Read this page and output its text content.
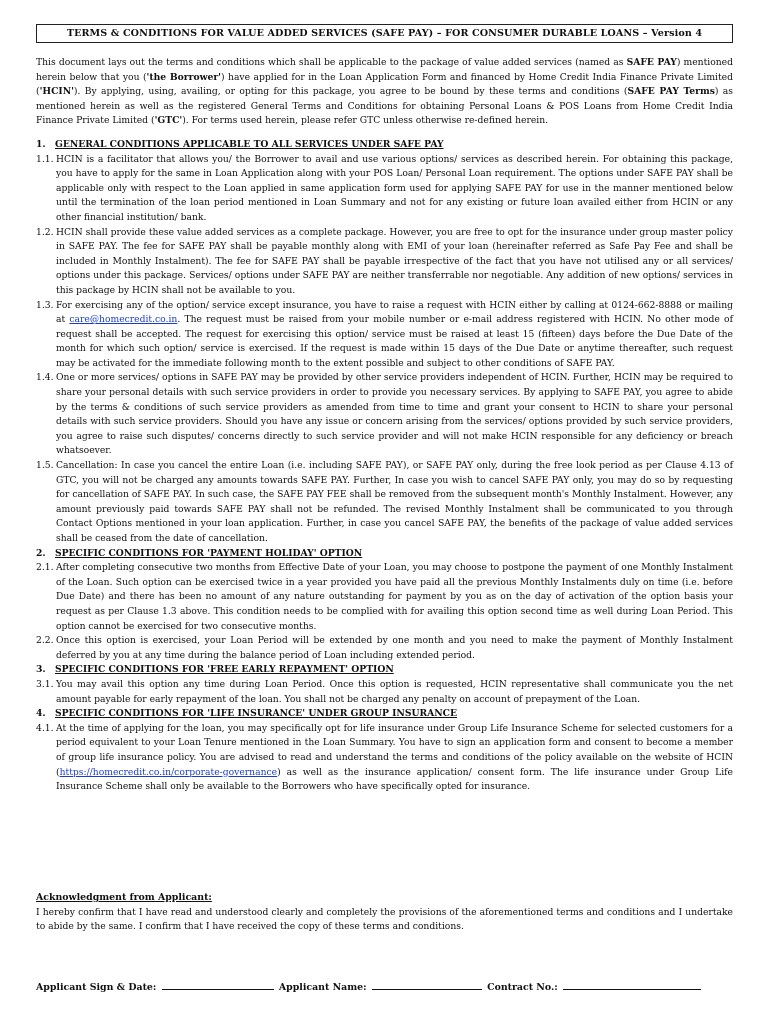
TERMS & CONDITIONS FOR VALUE ADDED SERVICES (SAFE PAY) – FOR CONSUMER DURABLE LOANS – Version 4

This document lays out the terms and conditions which shall be applicable to the package of value added services (named as SAFE PAY) mentioned herein below that you ('the Borrower') have applied for in the Loan Application Form and financed by Home Credit India Finance Private Limited ('HCIN'). By applying, using, availing, or opting for this package, you agree to be bound by these terms and conditions (SAFE PAY Terms) as mentioned herein as well as the registered General Terms and Conditions for obtaining Personal Loans & POS Loans from Home Credit India Finance Private Limited ('GTC'). For terms used herein, please refer GTC unless otherwise re-defined herein.

1.	GENERAL CONDITIONS APPLICABLE TO ALL SERVICES UNDER SAFE PAY
1.1. HCIN is a facilitator that allows you/ the Borrower to avail and use various options/ services as described herein. For obtaining this package, you have to apply for the same in Loan Application along with your POS Loan/ Personal Loan requirement. The options under SAFE PAY shall be applicable only with respect to the Loan applied in same application form used for applying SAFE PAY for use in the manner mentioned below until the termination of the loan period mentioned in Loan Summary and not for any existing or future loan availed either from HCIN or any other financial institution/ bank.
1.2. HCIN shall provide these value added services as a complete package. However, you are free to opt for the insurance under group master policy in SAFE PAY. The fee for SAFE PAY shall be payable monthly along with EMI of your loan (hereinafter referred as Safe Pay Fee and shall be included in Monthly Instalment). The fee for SAFE PAY shall be payable irrespective of the fact that you have not utilised any or all services/ options under this package. Services/ options under SAFE PAY are neither transferrable nor negotiable. Any addition of new options/ services in this package by HCIN shall not be available to you.
1.3. For exercising any of the option/ service except insurance, you have to raise a request with HCIN either by calling at 0124-662-8888 or mailing at care@homecredit.co.in. The request must be raised from your mobile number or e-mail address registered with HCIN. No other mode of request shall be accepted. The request for exercising this option/ service must be raised at least 15 (fifteen) days before the Due Date of the month for which such option/ service is exercised. If the request is made within 15 days of the Due Date or anytime thereafter, such request may be activated for the immediate following month to the extent possible and subject to other conditions of SAFE PAY.
1.4. One or more services/ options in SAFE PAY may be provided by other service providers independent of HCIN. Further, HCIN may be required to share your personal details with such service providers in order to provide you necessary services. By applying to SAFE PAY, you agree to abide by the terms & conditions of such service providers as amended from time to time and grant your consent to HCIN to share your personal details with such service providers. Should you have any issue or concern arising from the services/ options provided by such service providers, you agree to raise such disputes/ concerns directly to such service provider and will not make HCIN responsible for any deficiency or breach whatsoever.
1.5. Cancellation: In case you cancel the entire Loan (i.e. including SAFE PAY), or SAFE PAY only, during the free look period as per Clause 4.13 of GTC, you will not be charged any amounts towards SAFE PAY. Further, In case you wish to cancel SAFE PAY only, you may do so by requesting for cancellation of SAFE PAY. In such case, the SAFE PAY FEE shall be removed from the subsequent month's Monthly Instalment. However, any amount previously paid towards SAFE PAY shall not be refunded. The revised Monthly Instalment shall be communicated to you through Contact Options mentioned in your loan application. Further, in case you cancel SAFE PAY, the benefits of the package of value added services shall be ceased from the date of cancellation.
2.	SPECIFIC CONDITIONS FOR 'PAYMENT HOLIDAY' OPTION
2.1. After completing consecutive two months from Effective Date of your Loan, you may choose to postpone the payment of one Monthly Instalment of the Loan. Such option can be exercised twice in a year provided you have paid all the previous Monthly Instalments duly on time (i.e. before Due Date) and there has been no amount of any nature outstanding for payment by you as on the day of activation of the option basis your request as per Clause 1.3 above. This condition needs to be complied with for availing this option second time as well during Loan Period. This option cannot be exercised for two consecutive months.
2.2. Once this option is exercised, your Loan Period will be extended by one month and you need to make the payment of Monthly Instalment deferred by you at any time during the balance period of Loan including extended period.
3.	SPECIFIC CONDITIONS FOR 'FREE EARLY REPAYMENT' OPTION
3.1. You may avail this option any time during Loan Period. Once this option is requested, HCIN representative shall communicate you the net amount payable for early repayment of the loan. You shall not be charged any penalty on account of prepayment of the Loan.
4.	SPECIFIC CONDITIONS FOR 'LIFE INSURANCE' UNDER GROUP INSURANCE
4.1. At the time of applying for the loan, you may specifically opt for life insurance under Group Life Insurance Scheme for selected customers for a period equivalent to your Loan Tenure mentioned in the Loan Summary. You have to sign an application form and consent to become a member of group life insurance policy. You are advised to read and understand the terms and conditions of the policy available on the website of HCIN (https://homecredit.co.in/corporate-governance) as well as the insurance application/ consent form. The life insurance under Group Life Insurance Scheme shall only be available to the Borrowers who have specifically opted for insurance.
Acknowledgment from Applicant:

I hereby confirm that I have read and understood clearly and completely the provisions of the aforementioned terms and conditions and I undertake to abide by the same. I confirm that I have received the copy of these terms and conditions.

Applicant Sign & Date:	Applicant Name:	Contract No.:
